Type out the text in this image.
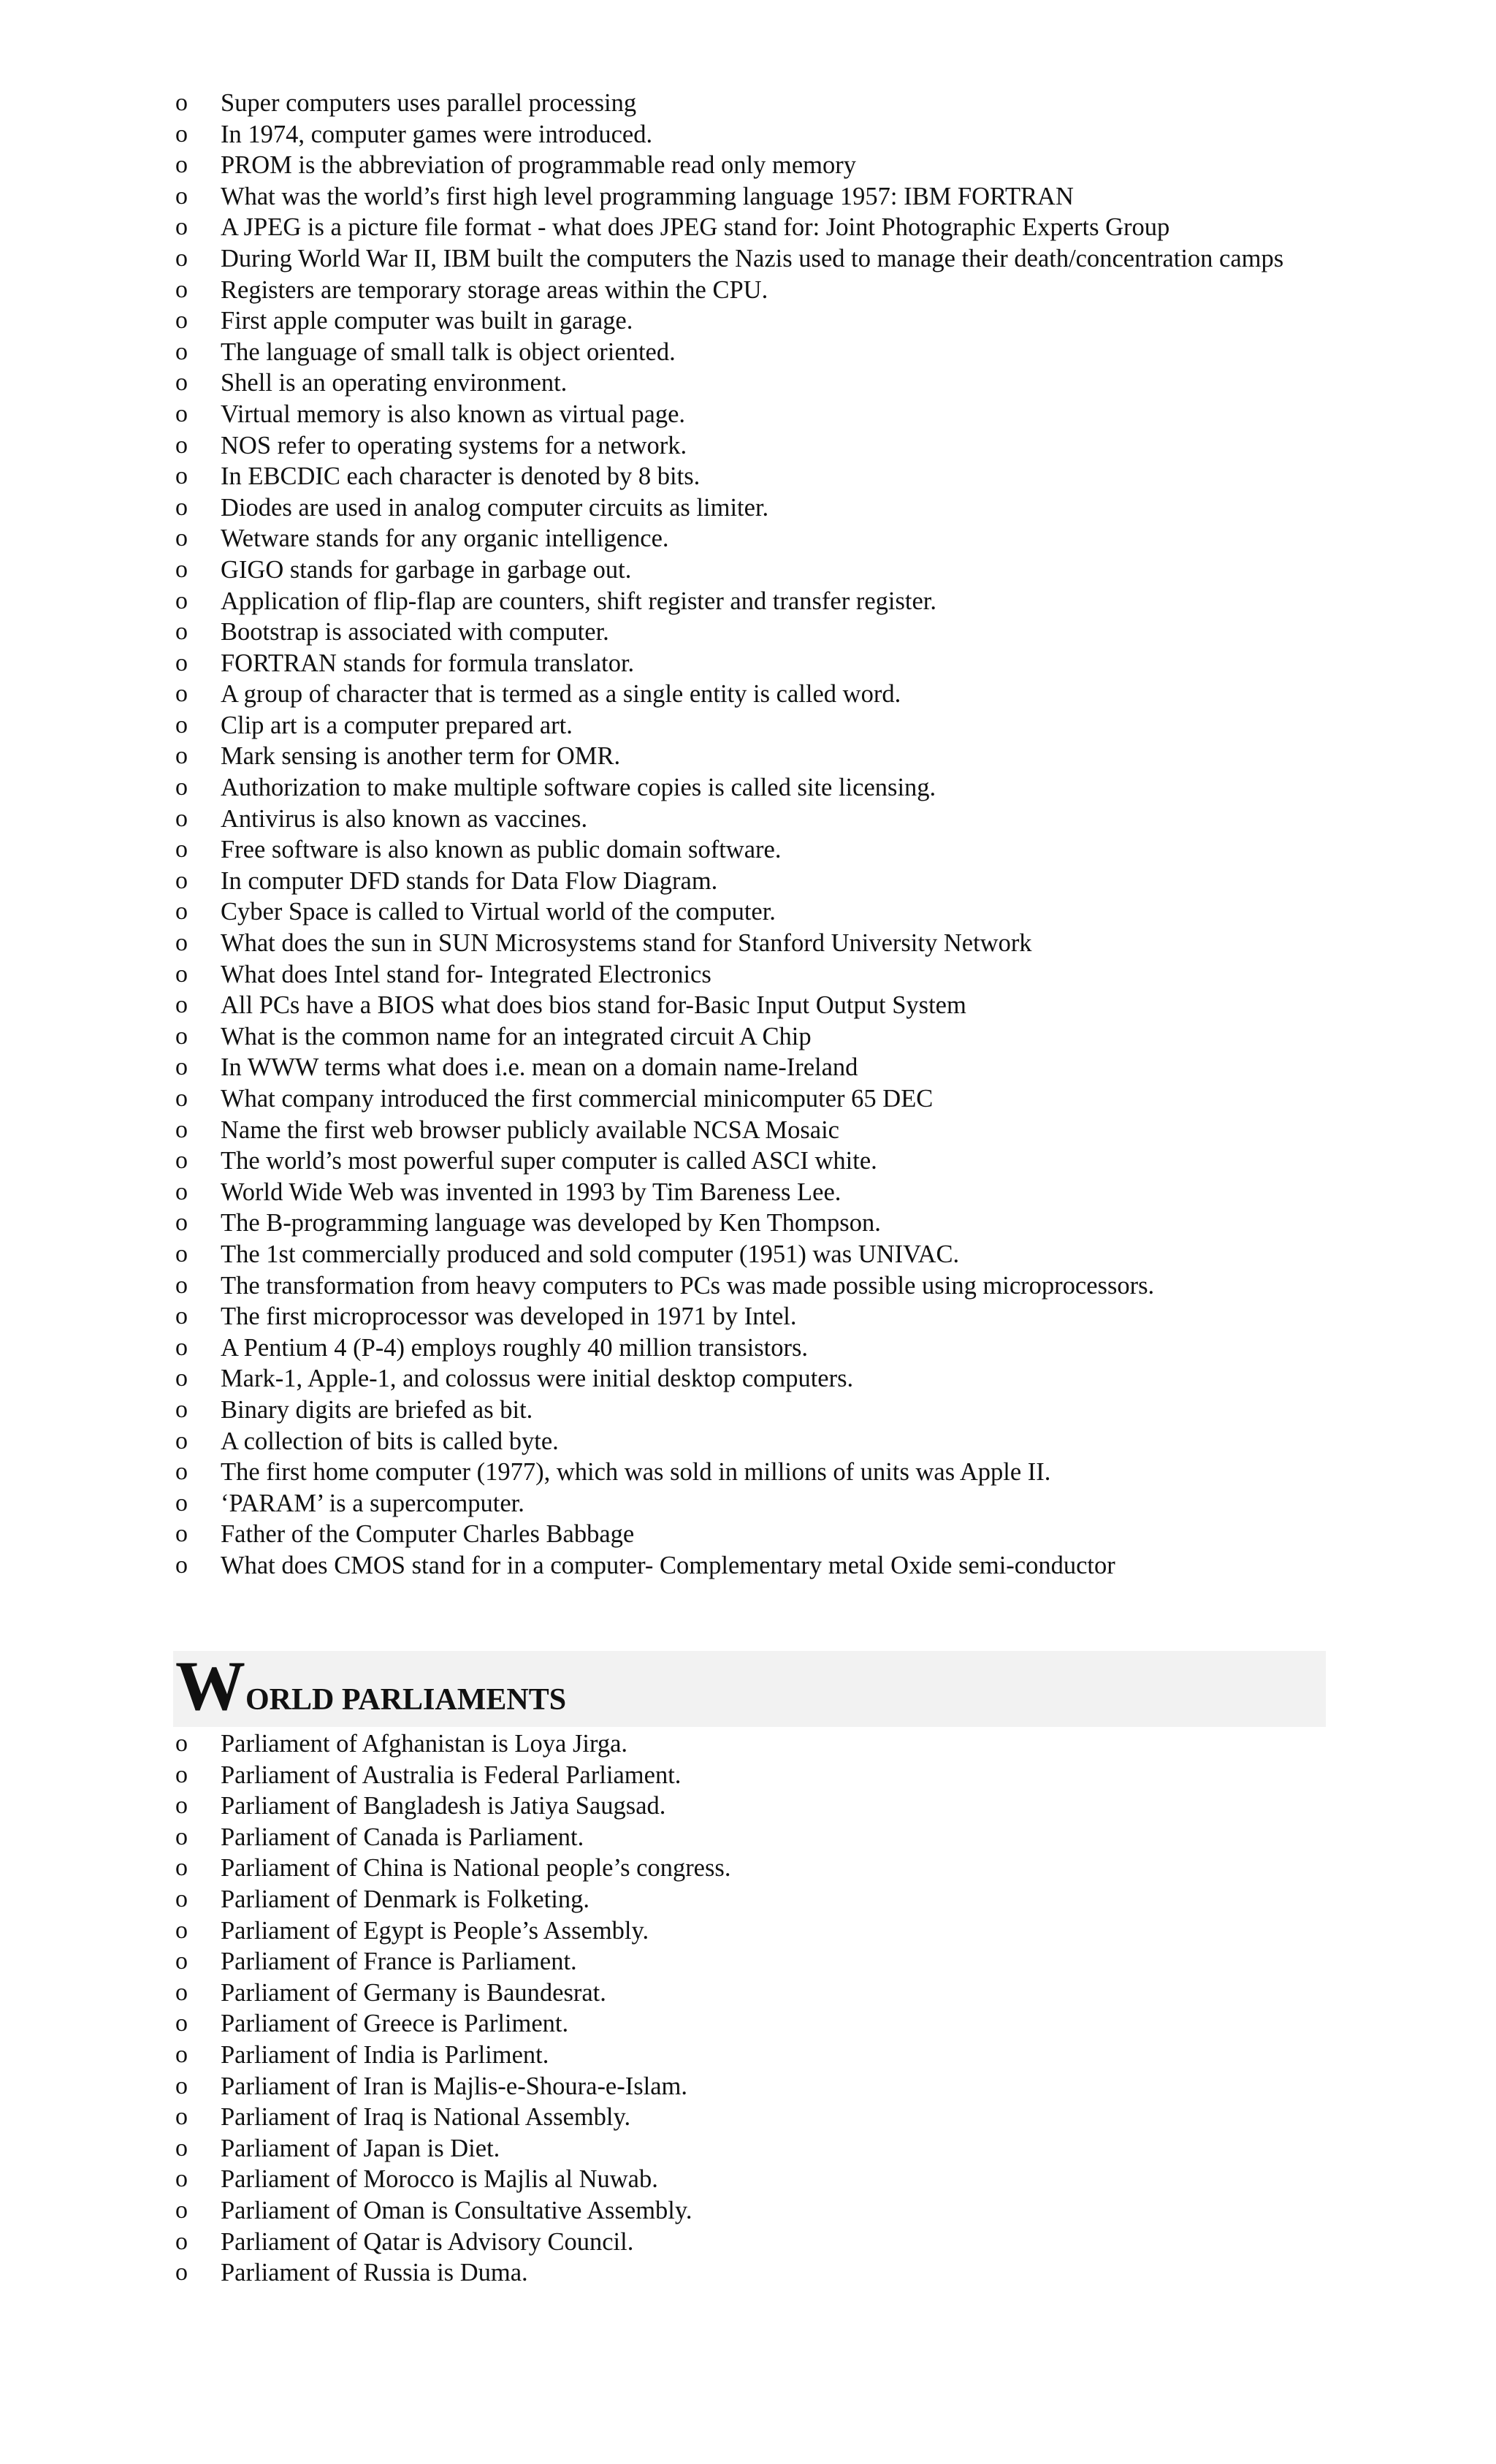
o Super computers uses parallel processing
o In 1974, computer games were introduced.
o PROM is the abbreviation of programmable read only memory
o What was the world’s first high level programming language 1957: IBM FORTRAN
o A JPEG is a picture file format - what does JPEG stand for: Joint Photographic Experts Group
o During World War II, IBM built the computers the Nazis used to manage their death/concentration camps
o Registers are temporary storage areas within the CPU.
o First apple computer was built in garage.
o The language of small talk is object oriented.
o Shell is an operating environment.
o Virtual memory is also known as virtual page.
o NOS refer to operating systems for a network.
o In EBCDIC each character is denoted by 8 bits.
o Diodes are used in analog computer circuits as limiter.
o Wetware stands for any organic intelligence.
o GIGO stands for garbage in garbage out.
o Application of flip-flap are counters, shift register and transfer register.
o Bootstrap is associated with computer.
o FORTRAN stands for formula translator.
o A group of character that is termed as a single entity is called word.
o Clip art is a computer prepared art.
o Mark sensing is another term for OMR.
o Authorization to make multiple software copies is called site licensing.
o Antivirus is also known as vaccines.
o Free software is also known as public domain software.
o In computer DFD stands for Data Flow Diagram.
o Cyber Space is called to Virtual world of the computer.
o What does the sun in SUN Microsystems stand for Stanford University Network
o What does Intel stand for- Integrated Electronics
o All PCs have a BIOS what does bios stand for-Basic Input Output System
o What is the common name for an integrated circuit A Chip
o In WWW terms what does i.e. mean on a domain name-Ireland
o What company introduced the first commercial minicomputer 65 DEC
o Name the first web browser publicly available NCSA Mosaic
o The world’s most powerful super computer is called ASCI white.
o World Wide Web was invented in 1993 by Tim Bareness Lee.
o The B-programming language was developed by Ken Thompson.
o The 1st commercially produced and sold computer (1951) was UNIVAC.
o The transformation from heavy computers to PCs was made possible using microprocessors.
o The first microprocessor was developed in 1971 by Intel.
o A Pentium 4 (P-4) employs roughly 40 million transistors.
o Mark-1, Apple-1, and colossus were initial desktop computers.
o Binary digits are briefed as bit.
o A collection of bits is called byte.
o The first home computer (1977), which was sold in millions of units was Apple II.
o ‘PARAM’ is a supercomputer.
o Father of the Computer Charles Babbage
o What does CMOS stand for in a computer- Complementary metal Oxide semi-conductor
WORLD PARLIAMENTS
o Parliament of Afghanistan is Loya Jirga.
o Parliament of Australia is Federal Parliament.
o Parliament of Bangladesh is Jatiya Saugsad.
o Parliament of Canada is Parliament.
o Parliament of China is National people’s congress.
o Parliament of Denmark is Folketing.
o Parliament of Egypt is People’s Assembly.
o Parliament of France is Parliament.
o Parliament of Germany is Baundesrat.
o Parliament of Greece is Parliment.
o Parliament of India is Parliment.
o Parliament of Iran is Majlis-e-Shoura-e-Islam.
o Parliament of Iraq is National Assembly.
o Parliament of Japan is Diet.
o Parliament of Morocco is Majlis al Nuwab.
o Parliament of Oman is Consultative Assembly.
o Parliament of Qatar is Advisory Council.
o Parliament of Russia is Duma.
